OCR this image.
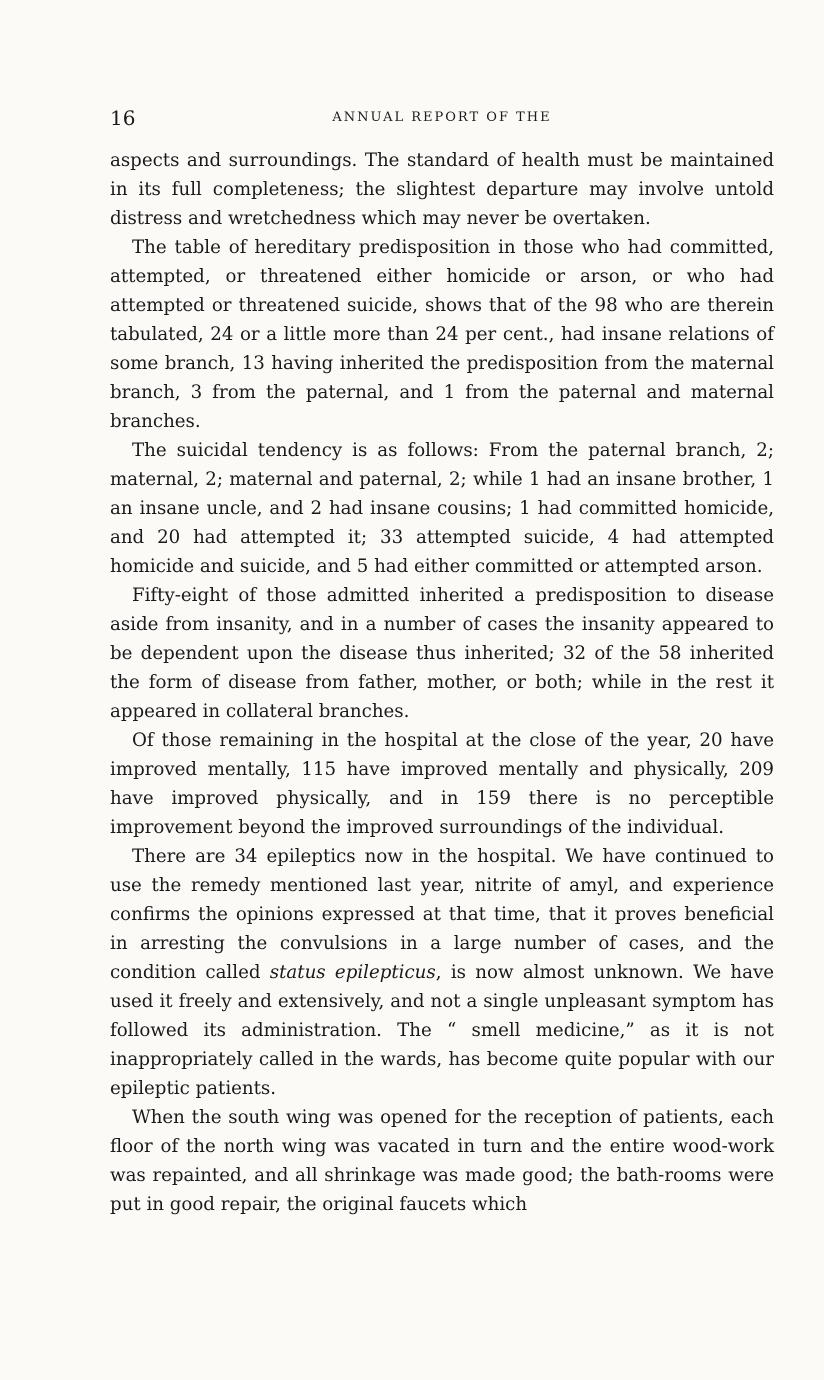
16	ANNUAL REPORT OF THE

aspects and surroundings. The standard of health must be maintained in its full completeness; the slightest departure may involve untold distress and wretchedness which may never be overtaken.

The table of hereditary predisposition in those who had committed, attempted, or threatened either homicide or arson, or who had attempted or threatened suicide, shows that of the 98 who are therein tabulated, 24 or a little more than 24 per cent., had insane relations of some branch, 13 having inherited the predisposition from the maternal branch, 3 from the paternal, and 1 from the paternal and maternal branches.

The suicidal tendency is as follows: From the paternal branch, 2; maternal, 2; maternal and paternal, 2; while 1 had an insane brother, 1 an insane uncle, and 2 had insane cousins; 1 had committed homicide, and 20 had attempted it; 33 attempted suicide, 4 had attempted homicide and suicide, and 5 had either committed or attempted arson.

Fifty-eight of those admitted inherited a predisposition to disease aside from insanity, and in a number of cases the insanity appeared to be dependent upon the disease thus inherited; 32 of the 58 inherited the form of disease from father, mother, or both; while in the rest it appeared in collateral branches.

Of those remaining in the hospital at the close of the year, 20 have improved mentally, 115 have improved mentally and physically, 209 have improved physically, and in 159 there is no perceptible improvement beyond the improved surroundings of the individual.

There are 34 epileptics now in the hospital. We have continued to use the remedy mentioned last year, nitrite of amyl, and experience confirms the opinions expressed at that time, that it proves beneficial in arresting the convulsions in a large number of cases, and the condition called status epilepticus, is now almost unknown. We have used it freely and extensively, and not a single unpleasant symptom has followed its administration. The “ smell medicine,” as it is not inappropriately called in the wards, has become quite popular with our epileptic patients.

When the south wing was opened for the reception of patients, each floor of the north wing was vacated in turn and the entire wood-work was repainted, and all shrinkage was made good; the bath-rooms were put in good repair, the original faucets which
